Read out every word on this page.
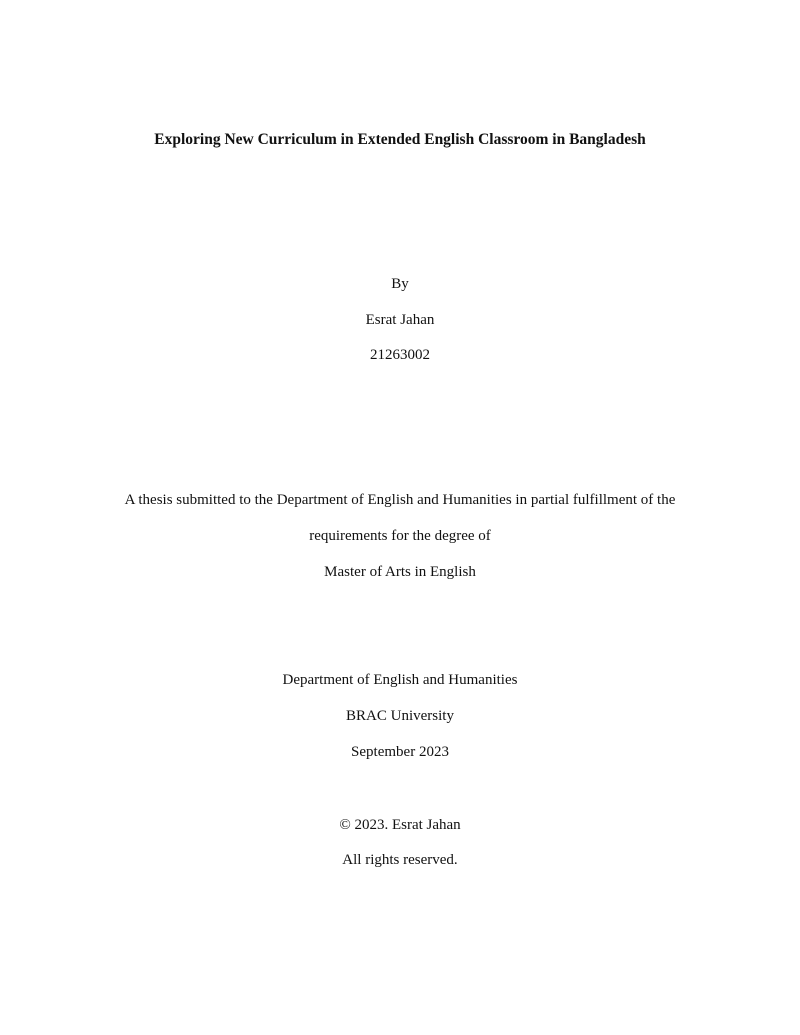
Exploring New Curriculum in Extended English Classroom in Bangladesh
By
Esrat Jahan
21263002
A thesis submitted to the Department of English and Humanities in partial fulfillment of the
requirements for the degree of
Master of Arts in English
Department of English and Humanities
BRAC University
September 2023
© 2023. Esrat Jahan
All rights reserved.
